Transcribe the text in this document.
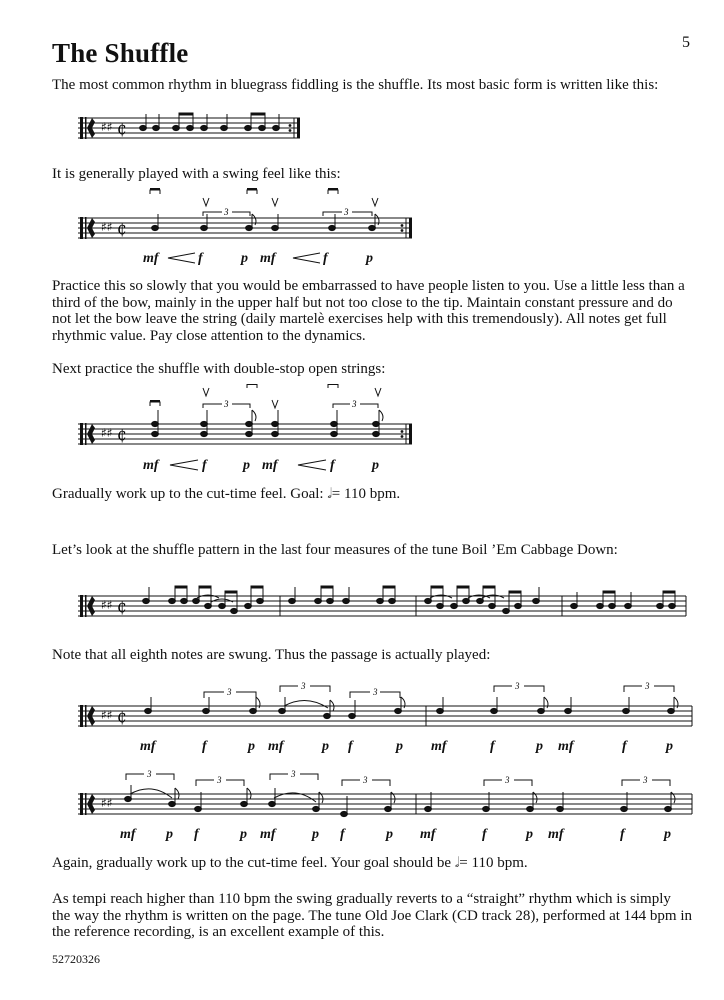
The Shuffle	5
The most common rhythm in bluegrass fiddling is the shuffle. Its most basic form is written like this:
♯♯ ₵
It is generally played with a swing feel like this:
♯♯ ₵
3	3
mf	f	p mf	f	p
Practice this so slowly that you would be embarrassed to have people listen to you. Use a little less than a third of the bow, mainly in the upper half but not too close to the tip. Maintain constant pressure and do not let the bow leave the string (daily martelè exercises help with this tremendously). All notes get full rhythmic value. Pay close attention to the dynamics.
Next practice the shuffle with double-stop open strings:
♯♯ ₵
3	3
mf	f	p mf	f	p
Gradually work up to the cut-time feel. Goal: 𝅗𝅥= 110 bpm.
Let’s look at the shuffle pattern in the last four measures of the tune Boil ’Em Cabbage Down:
♯♯ ₵
Note that all eighth notes are swung. Thus the passage is actually played:
♯♯ ₵
3
3
3
3	3
mf	f	p mf	p f	p mf	f	p mf	f	p
♯♯
3
3
3
3	3	3
mf p f	p mf	p f	p mf	f	p mf	f	p
Again, gradually work up to the cut-time feel. Your goal should be 𝅗𝅥= 110 bpm.
As tempi reach higher than 110 bpm the swing gradually reverts to a “straight” rhythm which is simply the way the rhythm is written on the page. The tune Old Joe Clark (CD track 28), performed at 144 bpm in the reference recording, is an excellent example of this.
52720326
